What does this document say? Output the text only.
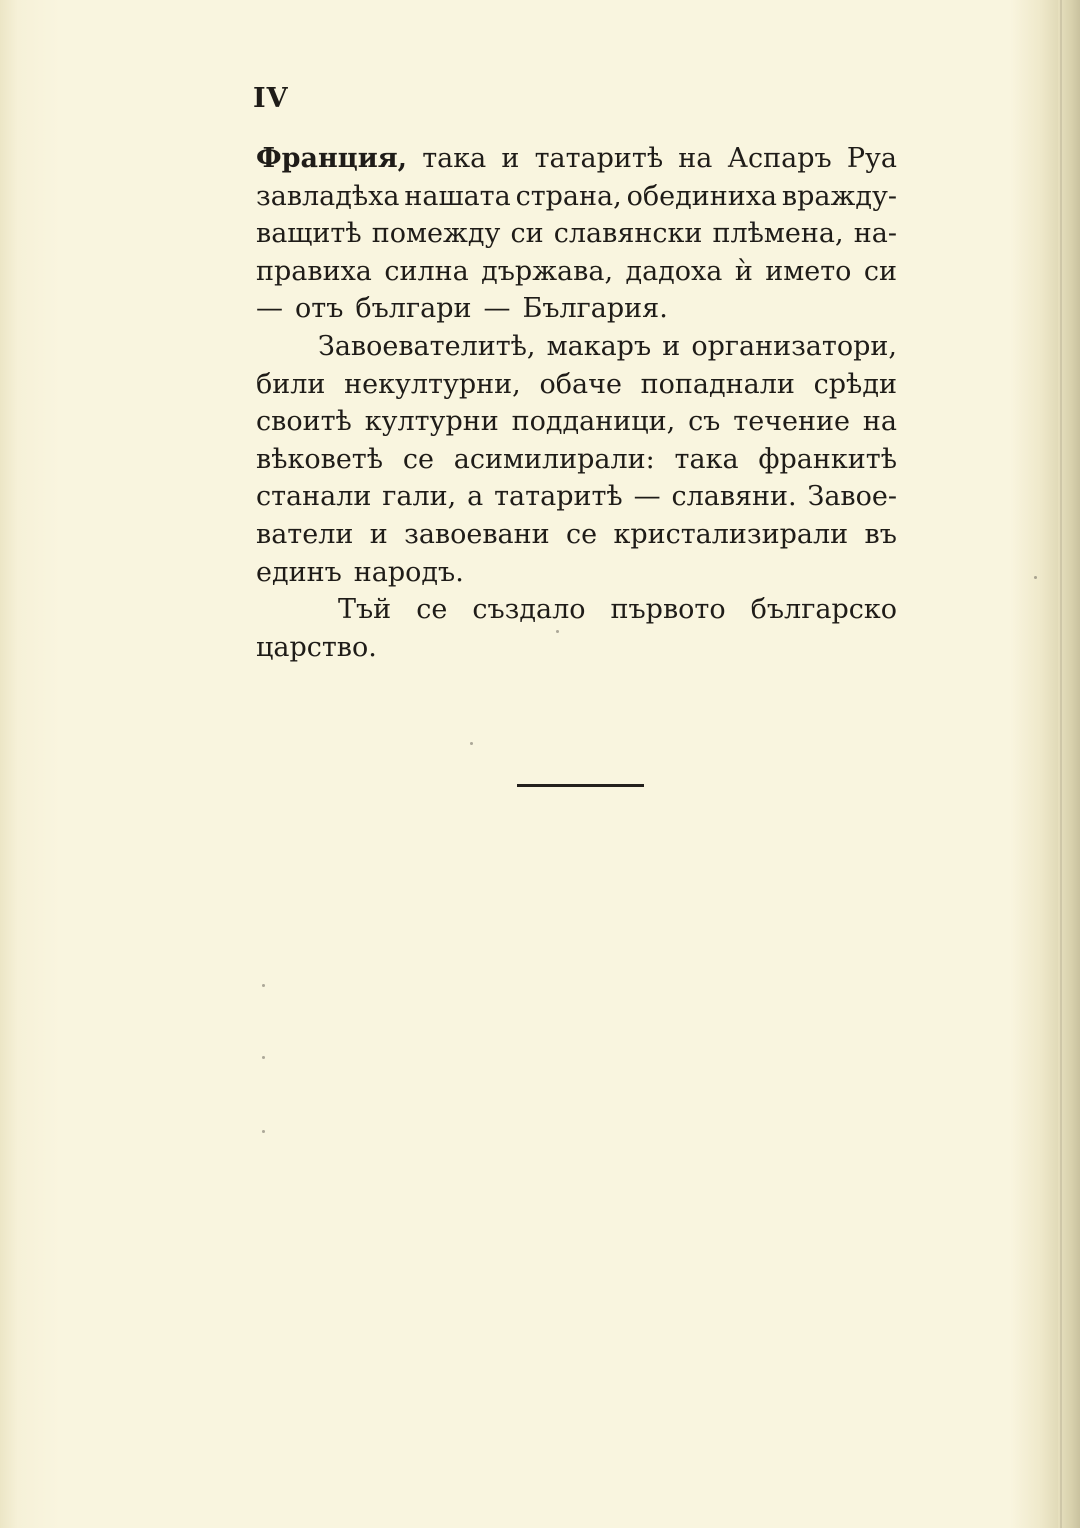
IV
Франция, така и татаритѣ на Аспаръ Руа
завладѣха нашата страна, обединиха вражду-
ващитѣ помежду си славянски плѣмена, на-
правиха силна държава, дадоха ѝ името си
— отъ българи — България.
Завоевателитѣ, макаръ и организатори,
били некултурни, обаче попаднали срѣди
своитѣ културни подданици, съ течение на
вѣковетѣ се асимилирали: така франкитѣ
станали гали, а татаритѣ — славяни. Завое-
ватели и завоевани се кристализирали въ
единъ народъ.
Тъй се създало първото българско
царство.
